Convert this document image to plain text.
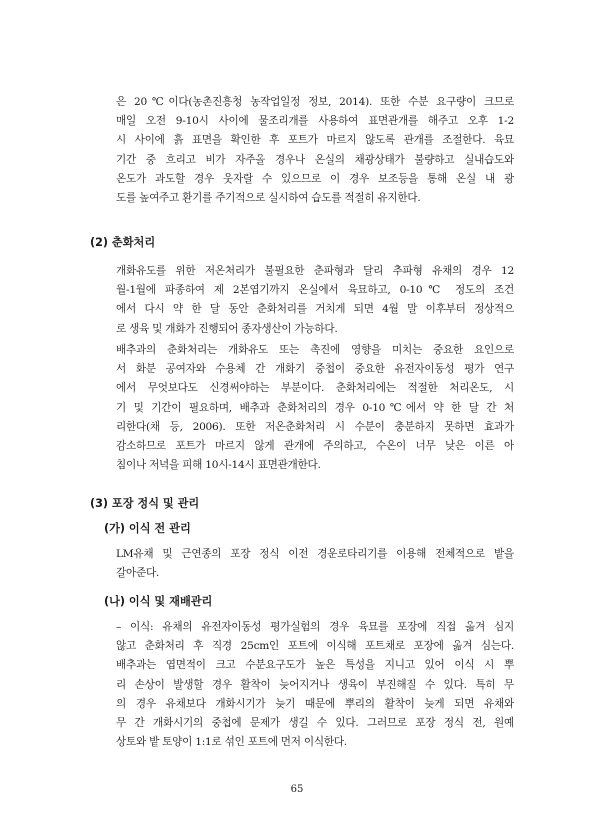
은 20℃이다(농촌진흥청 농작업일정 정보, 2014). 또한 수분 요구량이 크므로
매일 오전 9-10시 사이에 물조리개를 사용하여 표면관개를 해주고 오후 1-2
시 사이에 흙 표면을 확인한 후 포트가 마르지 않도록 관개를 조절한다. 육묘
기간 중 흐리고 비가 자주올 경우나 온실의 채광상태가 불량하고 실내습도와
온도가 과도할 경우 웃자랄 수 있으므로 이 경우 보조등을 통해 온실 내 광
도를 높여주고 환기를 주기적으로 실시하여 습도를 적절히 유지한다.

(2) 춘화처리

개화유도를 위한 저온처리가 불필요한 춘파형과 달리 추파형 유채의 경우 12
월-1월에 파종하여 제 2본엽기까지 온실에서 육묘하고, 0-10℃ 정도의 조건
에서 다시 약 한 달 동안 춘화처리를 거치게 되면 4월 말 이후부터 정상적으
로 생육 및 개화가 진행되어 종자생산이 가능하다.

배추과의 춘화처리는 개화유도 또는 촉진에 영향을 미치는 중요한 요인으로
서 화분 공여자와 수용체 간 개화기 중첩이 중요한 유전자이동성 평가 연구
에서 무엇보다도 신경써야하는 부분이다. 춘화처리에는 적절한 처리온도, 시
기 및 기간이 필요하며, 배추과 춘화처리의 경우 0-10℃에서 약 한 달 간 처
리한다(채 등, 2006). 또한 저온춘화처리 시 수분이 충분하지 못하면 효과가
감소하므로 포트가 마르지 않게 관개에 주의하고, 수온이 너무 낮은 이른 아
침이나 저녁을 피해 10시-14시 표면관개한다.

(3) 포장 정식 및 관리
(가) 이식 전 관리

LM유채 및 근연종의 포장 정식 이전 경운로타리기를 이용해 전체적으로 밭을
갈아준다.

(나) 이식 및 재배관리

– 이식: 유채의 유전자이동성 평가실험의 경우 육묘를 포장에 직접 옮겨 심지
않고 춘화처리 후 직경 25cm인 포트에 이식해 포트채로 포장에 옮겨 심는다.
배추과는 엽면적이 크고 수분요구도가 높은 특성을 지니고 있어 이식 시 뿌
리 손상이 발생할 경우 활착이 늦어지거나 생육이 부진해질 수 있다. 특히 무
의 경우 유채보다 개화시기가 늦기 때문에 뿌리의 활착이 늦게 되면 유채와
무 간 개화시기의 중첩에 문제가 생길 수 있다. 그러므로 포장 정식 전, 원예
상토와 밭 토양이 1:1로 섞인 포트에 먼저 이식한다.

65
